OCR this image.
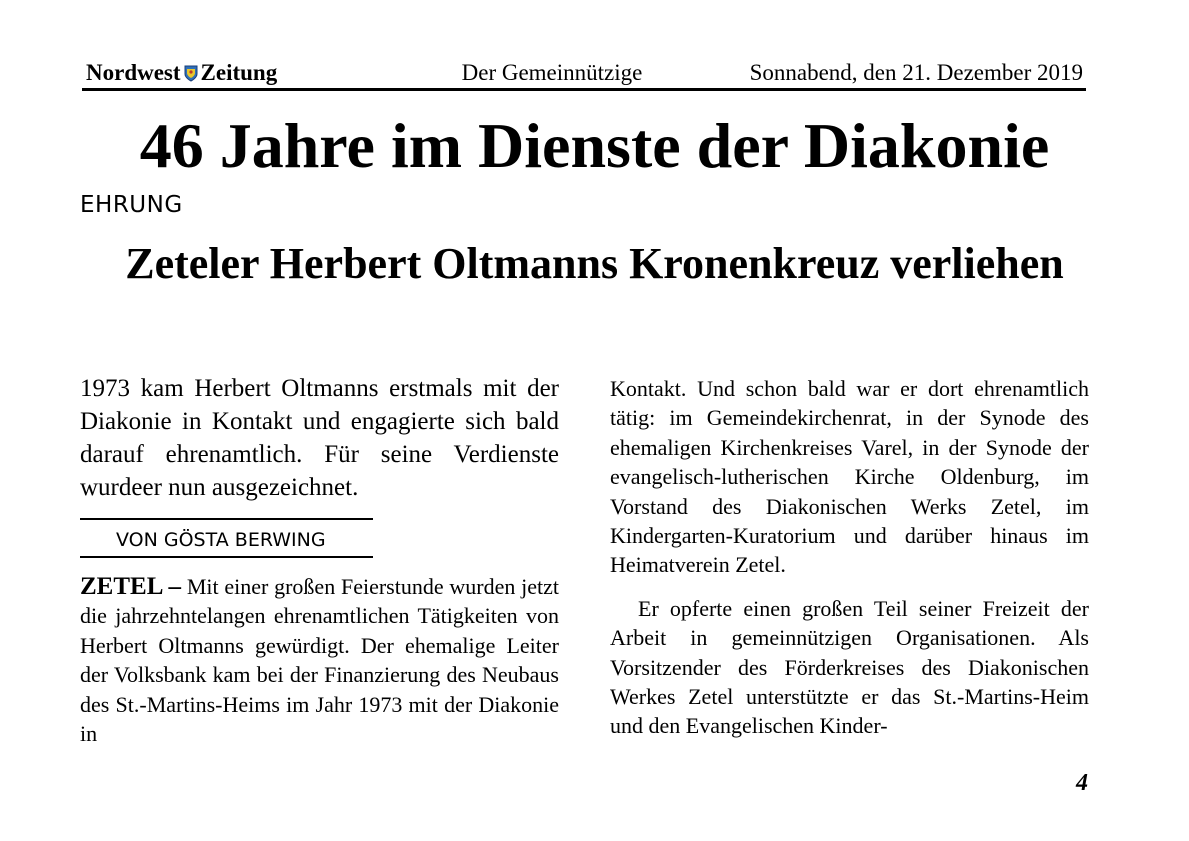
Nordwest Zeitung	Der Gemeinnützige	Sonnabend, den 21. Dezember 2019
46 Jahre im Dienste der Diakonie
EHRUNG
Zeteler Herbert Oltmanns Kronenkreuz verliehen

1973 kam Herbert Oltmanns erstmals mit der Diakonie in Kontakt und engagierte sich bald darauf ehrenamtlich. Für seine Verdienste wurdeer nun ausgezeichnet.

VON GÖSTA BERWING

ZETEL – Mit einer großen Feierstunde wurden jetzt die jahrzehntelangen ehrenamtlichen Tätigkeiten von Herbert Oltmanns gewürdigt. Der ehemalige Leiter der Volksbank kam bei der Finanzierung des Neubaus des St.-Martins-Heims im Jahr 1973 mit der Diakonie in

Kontakt. Und schon bald war er dort ehrenamtlich tätig: im Gemeindekirchenrat, in der Synode des ehemaligen Kirchenkreises Varel, in der Synode der evangelisch-lutherischen Kirche Oldenburg, im Vorstand des Diakonischen Werks Zetel, im Kindergarten-Kuratorium und darüber hinaus im Heimatverein Zetel.

Er opferte einen großen Teil seiner Freizeit der Arbeit in gemeinnützigen Organisationen. Als Vorsitzender des Förderkreises des Diakonischen Werkes Zetel unterstützte er das St.-Martins-Heim und den Evangelischen Kinder-

4
